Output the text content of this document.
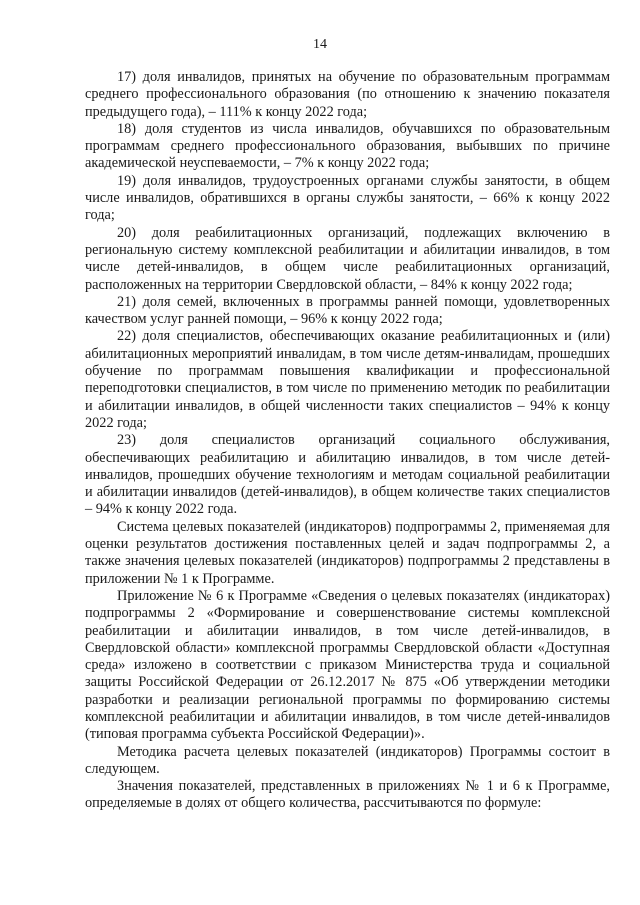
14

17) доля инвалидов, принятых на обучение по образовательным программам среднего профессионального образования (по отношению к значению показателя предыдущего года), – 111% к концу 2022 года;

18) доля студентов из числа инвалидов, обучавшихся по образовательным программам среднего профессионального образования, выбывших по причине академической неуспеваемости, – 7% к концу 2022 года;

19) доля инвалидов, трудоустроенных органами службы занятости, в общем числе инвалидов, обратившихся в органы службы занятости, – 66% к концу 2022 года;

20) доля реабилитационных организаций, подлежащих включению в региональную систему комплексной реабилитации и абилитации инвалидов, в том числе детей-инвалидов, в общем числе реабилитационных организаций, расположенных на территории Свердловской области, – 84% к концу 2022 года;

21) доля семей, включенных в программы ранней помощи, удовлетворенных качеством услуг ранней помощи, – 96% к концу 2022 года;

22) доля специалистов, обеспечивающих оказание реабилитационных и (или) абилитационных мероприятий инвалидам, в том числе детям-инвалидам, прошедших обучение по программам повышения квалификации и профессиональной переподготовки специалистов, в том числе по применению методик по реабилитации и абилитации инвалидов, в общей численности таких специалистов – 94% к концу 2022 года;

23) доля специалистов организаций социального обслуживания, обеспечивающих реабилитацию и абилитацию инвалидов, в том числе детей-инвалидов, прошедших обучение технологиям и методам социальной реабилитации и абилитации инвалидов (детей-инвалидов), в общем количестве таких специалистов – 94% к концу 2022 года.

Система целевых показателей (индикаторов) подпрограммы 2, применяемая для оценки результатов достижения поставленных целей и задач подпрограммы 2, а также значения целевых показателей (индикаторов) подпрограммы 2 представлены в приложении № 1 к Программе.

Приложение № 6 к Программе «Сведения о целевых показателях (индикаторах) подпрограммы 2 «Формирование и совершенствование системы комплексной реабилитации и абилитации инвалидов, в том числе детей-инвалидов, в Свердловской области» комплексной программы Свердловской области «Доступная среда» изложено в соответствии с приказом Министерства труда и социальной защиты Российской Федерации от 26.12.2017 № 875 «Об утверждении методики разработки и реализации региональной программы по формированию системы комплексной реабилитации и абилитации инвалидов, в том числе детей-инвалидов (типовая программа субъекта Российской Федерации)».

Методика расчета целевых показателей (индикаторов) Программы состоит в следующем.

Значения показателей, представленных в приложениях № 1 и 6 к Программе, определяемые в долях от общего количества, рассчитываются по формуле:
